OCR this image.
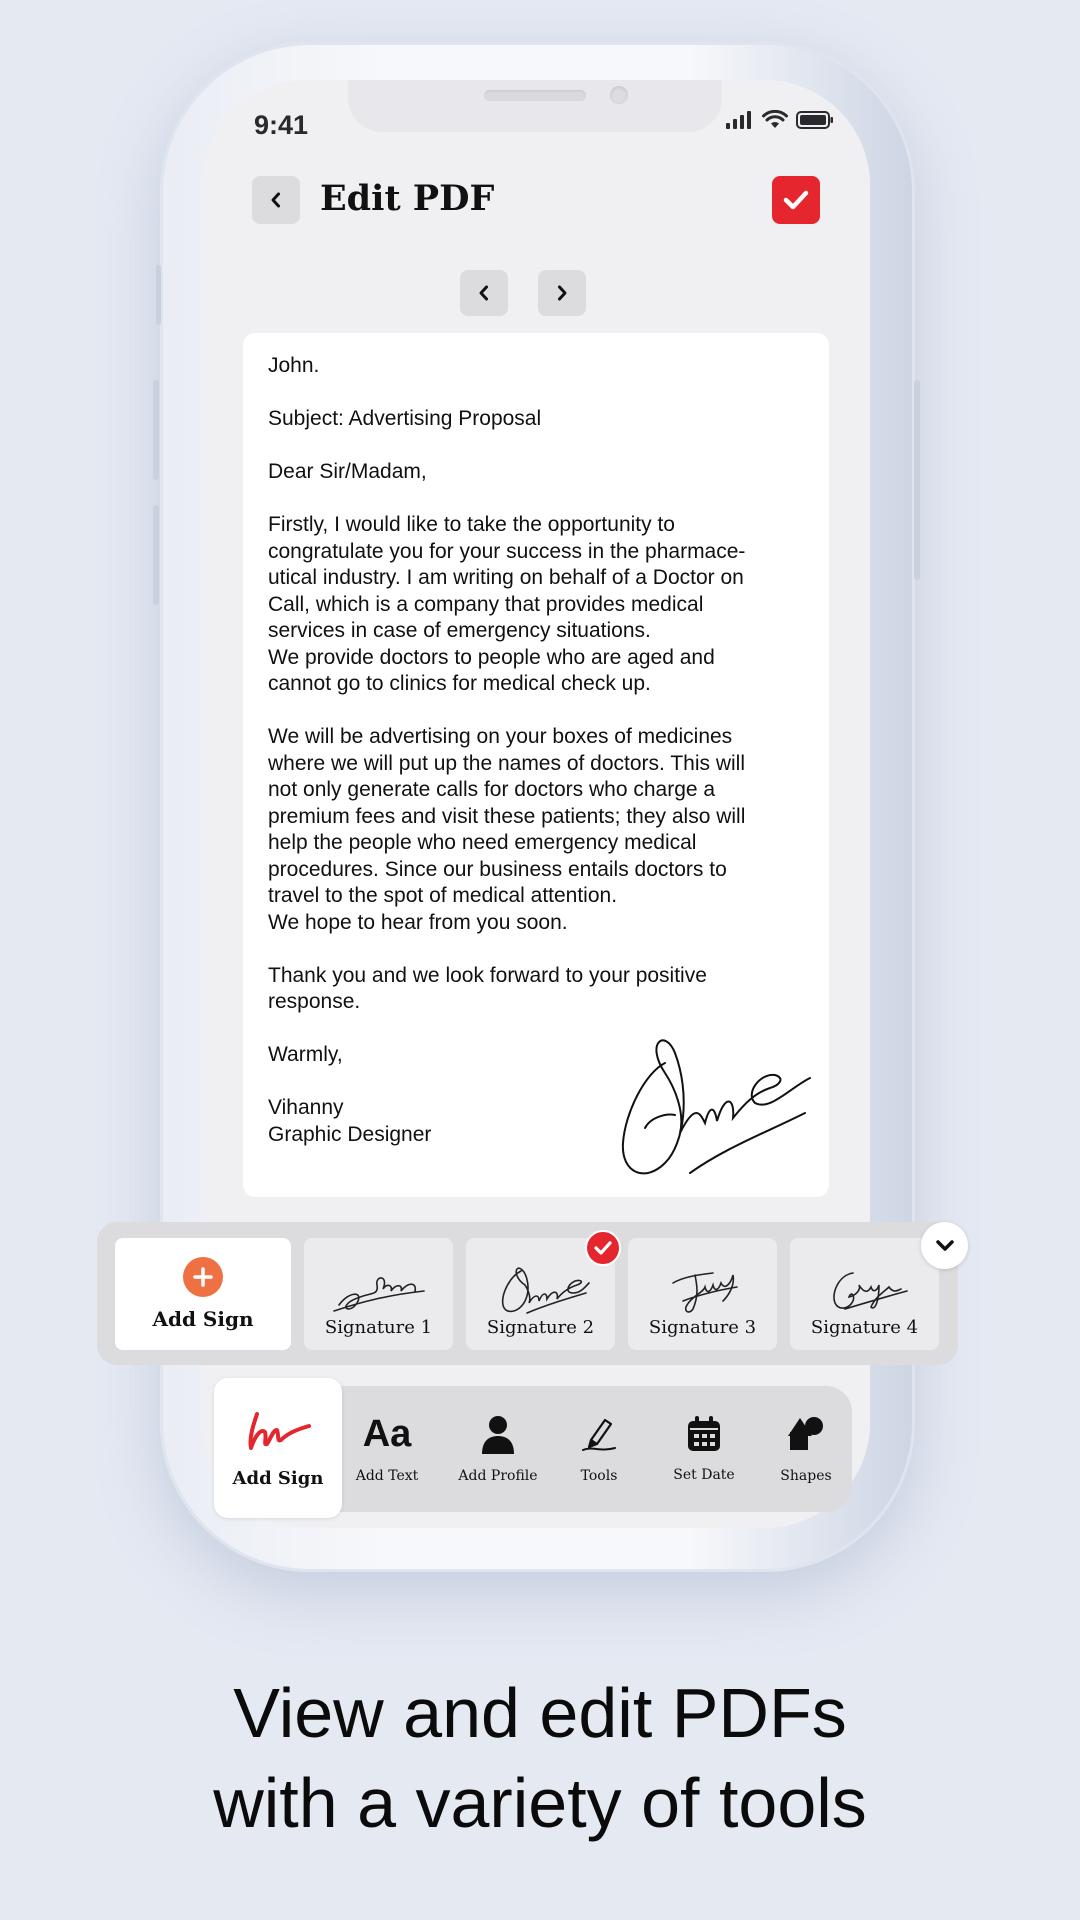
9:41
Edit PDF

John.

Subject: Advertising Proposal

Dear Sir/Madam,

Firstly, I would like to take the opportunity to
congratulate you for your success in the pharmace-
utical industry. I am writing on behalf of a Doctor on
Call, which is a company that provides medical
services in case of emergency situations.
We provide doctors to people who are aged and
cannot go to clinics for medical check up.

We will be advertising on your boxes of medicines
where we will put up the names of doctors. This will
not only generate calls for doctors who charge a
premium fees and visit these patients; they also will
help the people who need emergency medical
procedures. Since our business entails doctors to
travel to the spot of medical attention.
We hope to hear from you soon.

Thank you and we look forward to your positive
response.

Warmly,

Vihanny

Graphic Designer

Add Sign	Signature 1	Signature 2	Signature 3	Signature 4
Aa
Add Text	Add Profile	Tools	Set Date	Shapes
Add Sign
View and edit PDFs
with a variety of tools
